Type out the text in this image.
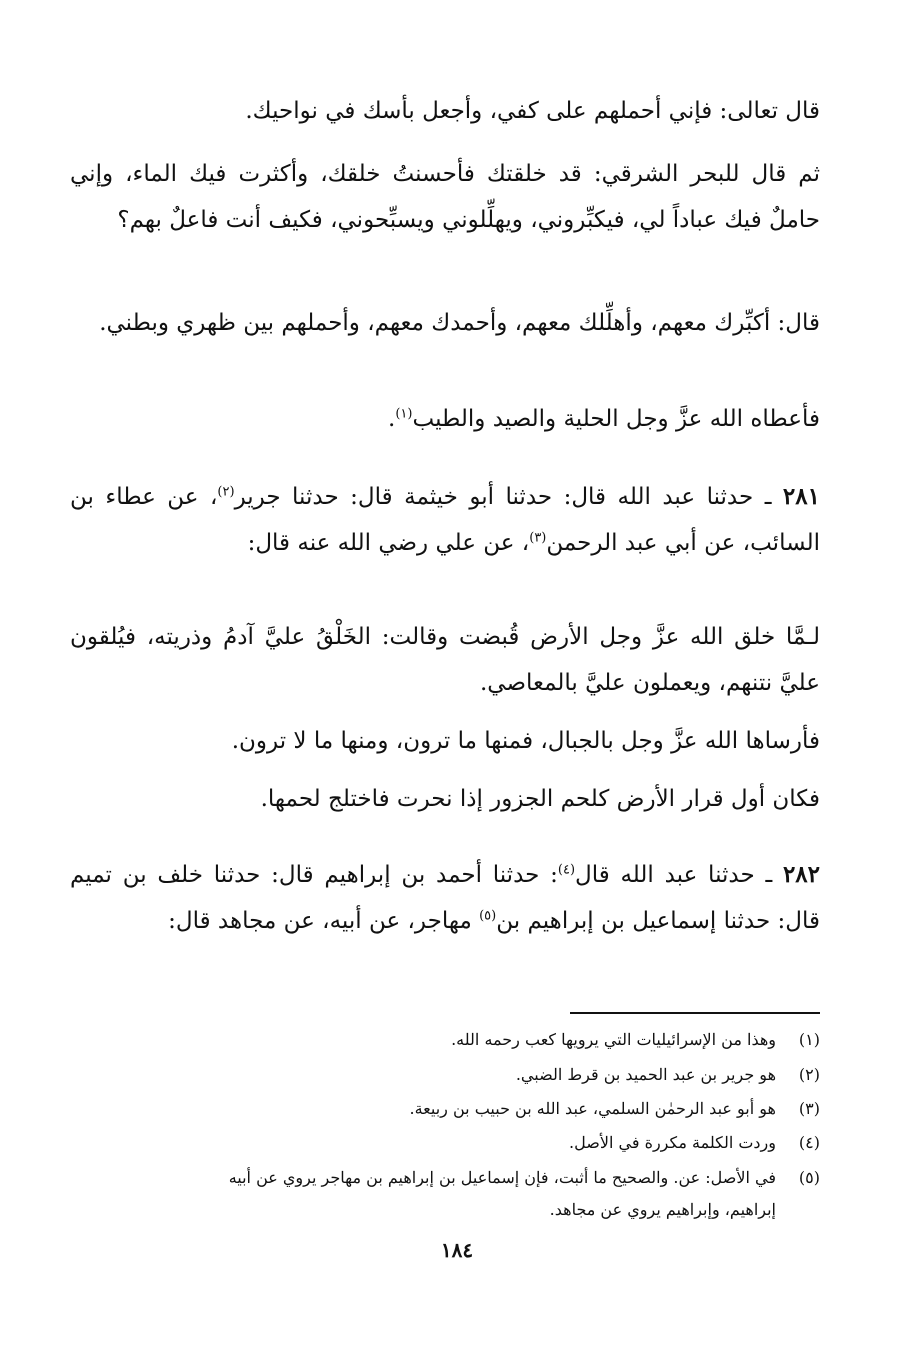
قال تعالى: فإني أحملهم على كفي، وأجعل بأسك في نواحيك.

ثم قال للبحر الشرقي: قد خلقتك فأحسنتُ خلقك، وأكثرت فيك الماء، وإني حاملٌ فيك عباداً لي، فيكبِّروني، ويهلِّلوني ويسبِّحوني، فكيف أنت فاعلٌ بهم؟

قال: أكبِّرك معهم، وأهلِّلك معهم، وأحمدك معهم، وأحملهم بين ظهري وبطني.

فأعطاه الله عزَّ وجل الحلية والصيد والطيب$^{(١)}$.

٢٨١ ـ حدثنا عبد الله قال: حدثنا أبو خيثمة قال: حدثنا جرير$^{(٢)}$، عن عطاء بن السائب، عن أبي عبد الرحمن$^{(٣)}$، عن علي رضي الله عنه قال:

لـمَّا خلق الله عزَّ وجل الأرض قُبضت وقالت: الخَلْقُ عليَّ آدمُ وذريته، فيُلقون عليَّ نتنهم، ويعملون عليَّ بالمعاصي.

فأرساها الله عزَّ وجل بالجبال، فمنها ما ترون، ومنها ما لا ترون.

فكان أول قرار الأرض كلحم الجزور إذا نحرت فاختلج لحمها.

٢٨٢ ـ حدثنا عبد الله قال$^{(٤)}$: حدثنا أحمد بن إبراهيم قال: حدثنا خلف بن تميم قال: حدثنا إسماعيل بن إبراهيم بن$^{(٥)}$ مهاجر، عن أبيه، عن مجاهد قال:

(١)وهذا من الإسرائيليات التي يرويها كعب رحمه الله.

(٢)هو جرير بن عبد الحميد بن قرط الضبي.

(٣)هو أبو عبد الرحمٰن السلمي، عبد الله بن حبيب بن ربيعة.

(٤)وردت الكلمة مكررة في الأصل.

(٥)في الأصل: عن. والصحيح ما أثبت، فإن إسماعيل بن إبراهيم بن مهاجر يروي عن أبيه
إبراهيم، وإبراهيم يروي عن مجاهد.

١٨٤
